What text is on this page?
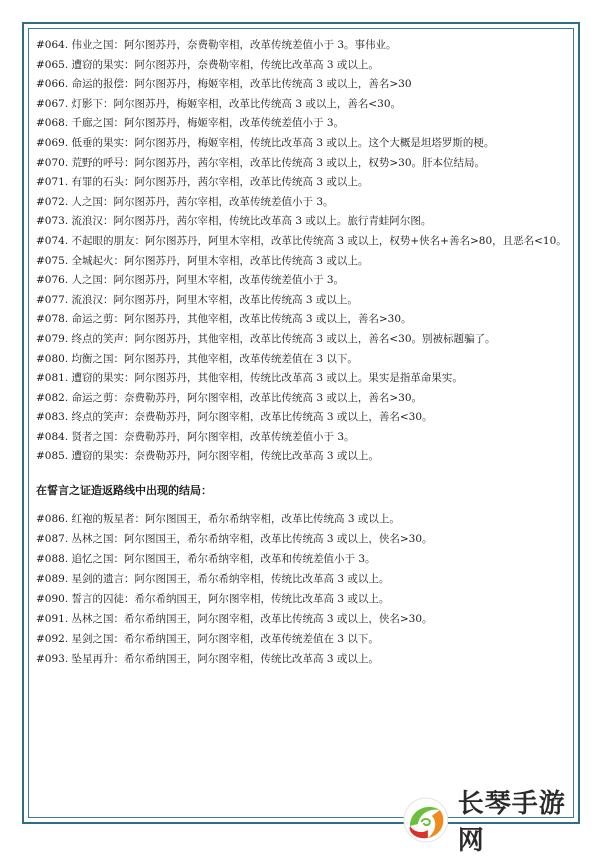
#064. 伟业之国：阿尔图苏丹，奈费勒宰相，改革传统差值小于 3。事伟业。
#065. 遭窃的果实：阿尔图苏丹，奈费勒宰相，传统比改革高 3 或以上。
#066. 命运的报偿：阿尔图苏丹，梅姬宰相，改革比传统高 3 或以上，善名>30
#067. 灯影下：阿尔图苏丹，梅姬宰相，改革比传统高 3 或以上，善名<30。
#068. 千廊之国：阿尔图苏丹，梅姬宰相，改革传统差值小于 3。
#069. 低垂的果实：阿尔图苏丹，梅姬宰相，传统比改革高 3 或以上。这个大概是坦塔罗斯的梗。
#070. 荒野的呼号：阿尔图苏丹，茜尔宰相，改革比传统高 3 或以上，权势>30。肝本位结局。
#071. 有罪的石头：阿尔图苏丹，茜尔宰相，改革比传统高 3 或以上。
#072. 人之国：阿尔图苏丹，茜尔宰相，改革传统差值小于 3。
#073. 流浪汉：阿尔图苏丹，茜尔宰相，传统比改革高 3 或以上。旅行青蛙阿尔图。
#074. 不起眼的朋友：阿尔图苏丹，阿里木宰相，改革比传统高 3 或以上，权势+侠名+善名>80，且恶名<10。
#075. 全城起火：阿尔图苏丹，阿里木宰相，改革比传统高 3 或以上。
#076. 人之国：阿尔图苏丹，阿里木宰相，改革传统差值小于 3。
#077. 流浪汉：阿尔图苏丹，阿里木宰相，改革比传统高 3 或以上。
#078. 命运之剪：阿尔图苏丹，其他宰相，改革比传统高 3 或以上，善名>30。
#079. 终点的笑声：阿尔图苏丹，其他宰相，改革比传统高 3 或以上，善名<30。别被标题骗了。
#080. 均衡之国：阿尔图苏丹，其他宰相，改革传统差值在 3 以下。
#081. 遭窃的果实：阿尔图苏丹，其他宰相，传统比改革高 3 或以上。果实是指革命果实。
#082. 命运之剪：奈费勒苏丹，阿尔图宰相，改革比传统高 3 或以上，善名>30。
#083. 终点的笑声：奈费勒苏丹，阿尔图宰相，改革比传统高 3 或以上，善名<30。
#084. 贤者之国：奈费勒苏丹，阿尔图宰相，改革传统差值小于 3。
#085. 遭窃的果实：奈费勒苏丹，阿尔图宰相，传统比改革高 3 或以上。
在誓言之证造返路线中出现的结局：
#086. 红袍的叛星者：阿尔图国王，希尔希纳宰相，改革比传统高 3 或以上。
#087. 丛林之国：阿尔图国王，希尔希纳宰相，改革比传统高 3 或以上，侠名>30。
#088. 追忆之国：阿尔图国王，希尔希纳宰相，改革和传统差值小于 3。
#089. 星剑的遗言：阿尔图国王，希尔希纳宰相，传统比改革高 3 或以上。
#090. 誓言的囚徒：希尔希纳国王，阿尔图宰相，传统比改革高 3 或以上。
#091. 丛林之国：希尔希纳国王，阿尔图宰相，改革比传统高 3 或以上，侠名>30。
#092. 星剑之国：希尔希纳国王，阿尔图宰相，改革传统差值在 3 以下。
#093. 坠星再升：希尔希纳国王，阿尔图宰相，传统比改革高 3 或以上。
长琴手游网
